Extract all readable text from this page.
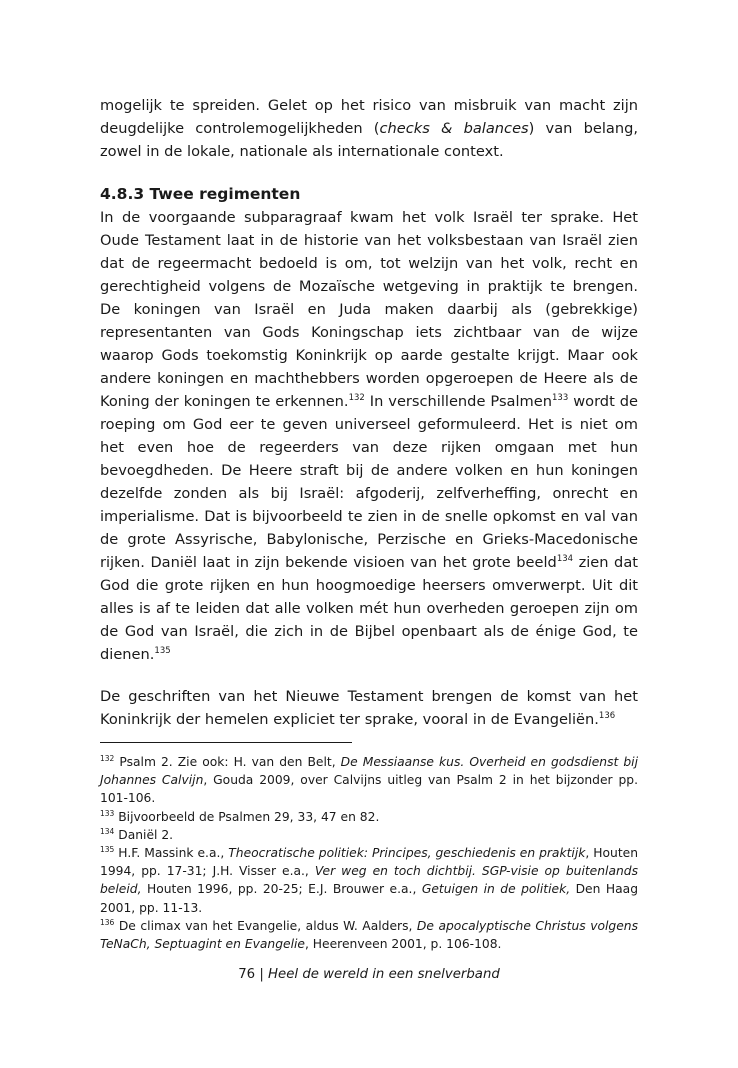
mogelijk te spreiden. Gelet op het risico van misbruik van macht zijn deugdelijke controlemogelijkheden (checks & balances) van belang, zowel in de lokale, nationale als internationale context.

4.8.3 Twee regimenten

In de voorgaande subparagraaf kwam het volk Israël ter sprake. Het Oude Testament laat in de historie van het volksbestaan van Israël zien dat de regeermacht bedoeld is om, tot welzijn van het volk, recht en gerechtigheid volgens de Mozaïsche wetgeving in praktijk te brengen. De koningen van Israël en Juda maken daarbij als (gebrekkige) representanten van Gods Koningschap iets zichtbaar van de wijze waarop Gods toekomstig Koninkrijk op aarde gestalte krijgt. Maar ook andere koningen en machthebbers worden opgeroepen de Heere als de Koning der koningen te erkennen.$^{132}$ In verschillende Psalmen$^{133}$ wordt de roeping om God eer te geven universeel geformuleerd. Het is niet om het even hoe de regeerders van deze rijken omgaan met hun bevoegdheden. De Heere straft bij de andere volken en hun koningen dezelfde zonden als bij Israël: afgoderij, zelfverheffing, onrecht en imperialisme. Dat is bijvoorbeeld te zien in de snelle opkomst en val van de grote Assyrische, Babylonische, Perzische en Grieks-Macedonische rijken. Daniël laat in zijn bekende visioen van het grote beeld$^{134}$ zien dat God die grote rijken en hun hoogmoedige heersers omverwerpt. Uit dit alles is af te leiden dat alle volken mét hun overheden geroepen zijn om de God van Israël, die zich in de Bijbel openbaart als de énige God, te dienen.$^{135}$

De geschriften van het Nieuwe Testament brengen de komst van het Koninkrijk der hemelen expliciet ter sprake, vooral in de Evangeliën.$^{136}$

$^{132}$ Psalm 2. Zie ook: H. van den Belt, De Messiaanse kus. Overheid en godsdienst bij Johannes Calvijn, Gouda 2009, over Calvijns uitleg van Psalm 2 in het bijzonder pp. 101-106.

$^{133}$ Bijvoorbeeld de Psalmen 29, 33, 47 en 82.

$^{134}$ Daniël 2.

$^{135}$ H.F. Massink e.a., Theocratische politiek: Principes, geschiedenis en praktijk, Houten 1994, pp. 17-31; J.H. Visser e.a., Ver weg en toch dichtbij. SGP-visie op buitenlands beleid, Houten 1996, pp. 20-25; E.J. Brouwer e.a., Getuigen in de politiek, Den Haag 2001, pp. 11-13.

$^{136}$ De climax van het Evangelie, aldus W. Aalders, De apocalyptische Christus volgens TeNaCh, Septuagint en Evangelie, Heerenveen 2001, p. 106-108.

76 | Heel de wereld in een snelverband
